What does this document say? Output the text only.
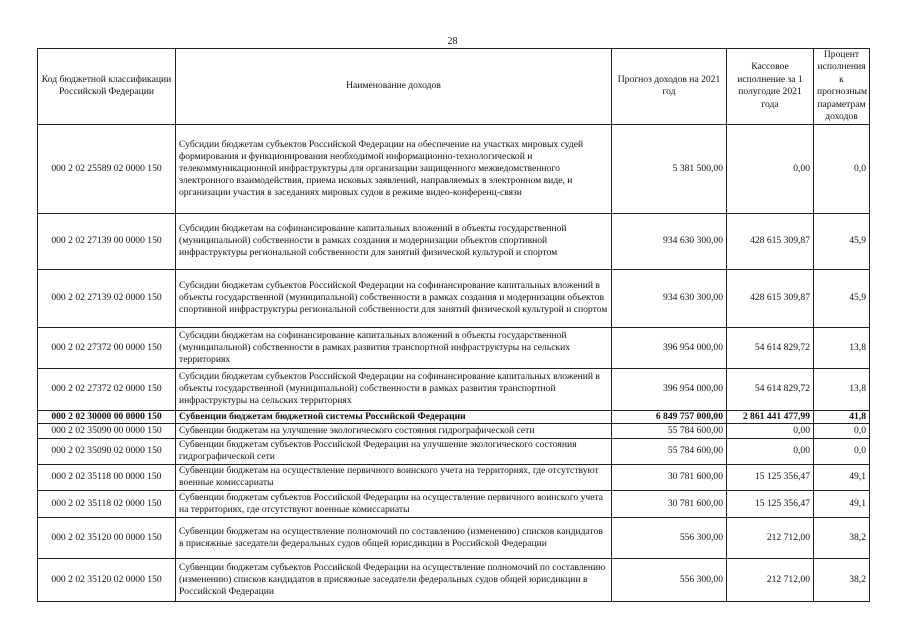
28
Код бюджетной классификации Российской Федерации	Наименование доходов	Прогноз доходов на 2021 год	Кассовое исполнение за 1 полугодие 2021 года	Процент исполнения к прогнозным параметрам доходов
000 2 02 25589 02 0000 150	Субсидии бюджетам субъектов Российской Федерации на обеспечение на участках мировых судей формирования и функционирования необходимой информационно-технологической и телекоммуникационной инфраструктуры для организации защищенного межведомственного электронного взаимодействия, приема исковых заявлений, направляемых в электронном виде, и организации участия в заседаниях мировых судов в режиме видео-конференц-связи	5 381 500,00	0,00	0,0
000 2 02 27139 00 0000 150	Субсидии бюджетам на софинансирование капитальных вложений в объекты государственной (муниципальной) собственности в рамках создания и модернизации объектов спортивной инфраструктуры региональной собственности для занятий физической культурой и спортом	934 630 300,00	428 615 309,87	45,9
000 2 02 27139 02 0000 150	Субсидии бюджетам субъектов Российской Федерации на софинансирование капитальных вложений в объекты государственной (муниципальной) собственности в рамках создания и модернизации объектов спортивной инфраструктуры региональной собственности для занятий физической культурой и спортом	934 630 300,00	428 615 309,87	45,9
000 2 02 27372 00 0000 150	Субсидии бюджетам на софинансирование капитальных вложений в объекты государственной (муниципальной) собственности в рамках развития транспортной инфраструктуры на сельских территориях	396 954 000,00	54 614 829,72	13,8
000 2 02 27372 02 0000 150	Субсидии бюджетам субъектов Российской Федерации на софинансирование капитальных вложений в объекты государственной (муниципальной) собственности в рамках развития транспортной инфраструктуры на сельских территориях	396 954 000,00	54 614 829,72	13,8
000 2 02 30000 00 0000 150	Субвенции бюджетам бюджетной системы Российской Федерации	6 849 757 000,00	2 861 441 477,99	41,8
000 2 02 35090 00 0000 150	Субвенции бюджетам на улучшение экологического состояния гидрографической сети	55 784 600,00	0,00	0,0
000 2 02 35090 02 0000 150	Субвенции бюджетам субъектов Российской Федерации на улучшение экологического состояния гидрографической сети	55 784 600,00	0,00	0,0
000 2 02 35118 00 0000 150	Субвенции бюджетам на осуществление первичного воинского учета на территориях, где отсутствуют военные комиссариаты	30 781 600,00	15 125 356,47	49,1
000 2 02 35118 02 0000 150	Субвенции бюджетам субъектов Российской Федерации на осуществление первичного воинского учета на территориях, где отсутствуют военные комиссариаты	30 781 600,00	15 125 356,47	49,1
000 2 02 35120 00 0000 150	Субвенции бюджетам на осуществление полномочий по составлению (изменению) списков кандидатов в присяжные заседатели федеральных судов общей юрисдикции в Российской Федерации	556 300,00	212 712,00	38,2
000 2 02 35120 02 0000 150	Субвенции бюджетам субъектов Российской Федерации на осуществление полномочий по составлению (изменению) списков кандидатов в присяжные заседатели федеральных судов общей юрисдикции в Российской Федерации	556 300,00	212 712,00	38,2
